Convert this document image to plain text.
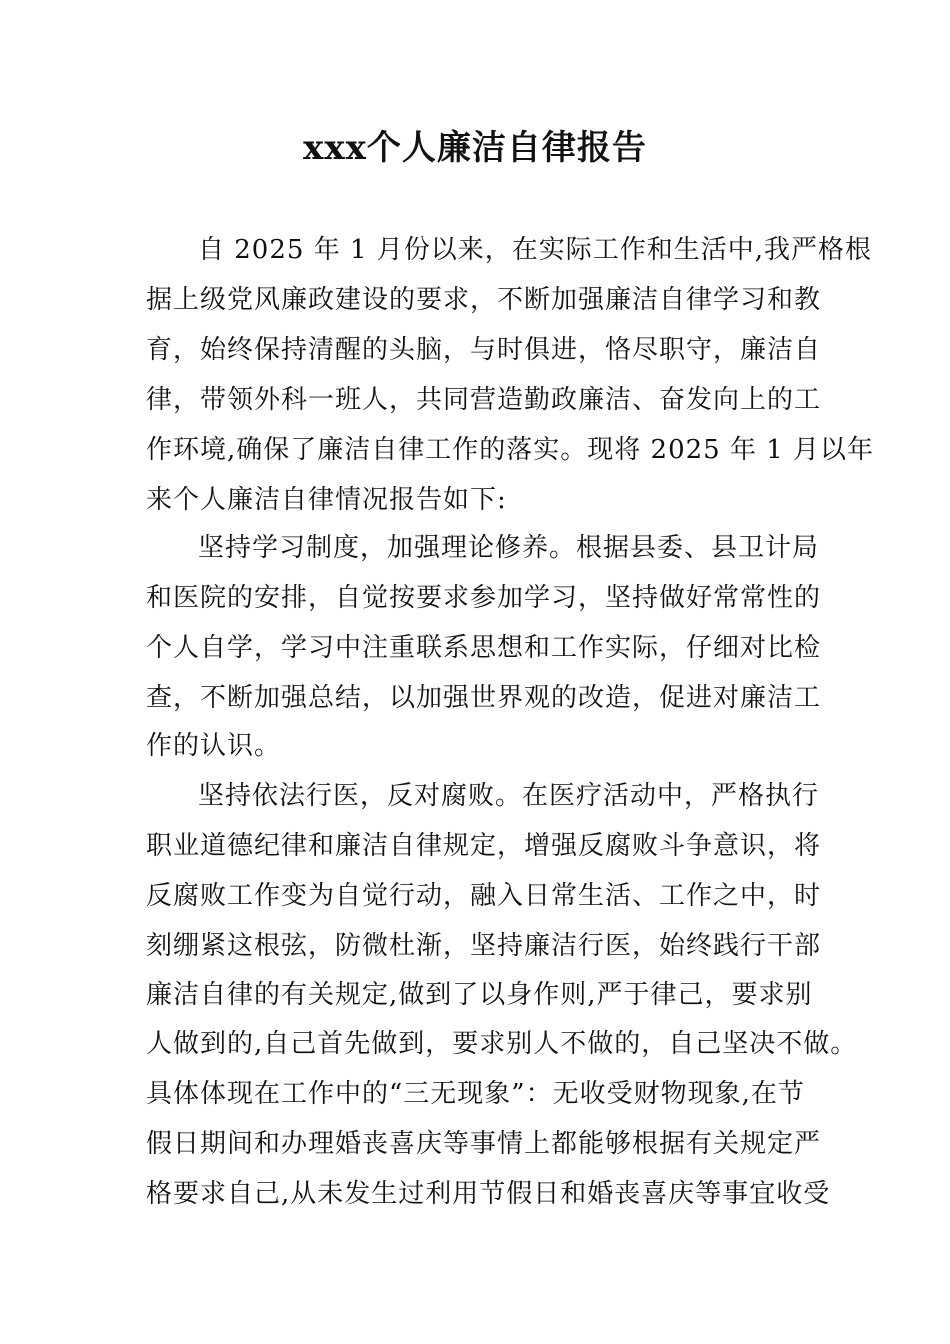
xxx个人廉洁自律报告
自 2025 年 1 月份以来，在实际工作和生活中,我严格根
据上级党风廉政建设的要求，不断加强廉洁自律学习和教
育，始终保持清醒的头脑，与时俱进，恪尽职守，廉洁自
律，带领外科一班人，共同营造勤政廉洁、奋发向上的工
作环境,确保了廉洁自律工作的落实。现将 2025 年 1 月以年
来个人廉洁自律情况报告如下:
坚持学习制度，加强理论修养。根据县委、县卫计局
和医院的安排，自觉按要求参加学习，坚持做好常常性的
个人自学，学习中注重联系思想和工作实际，仔细对比检
查，不断加强总结，以加强世界观的改造，促进对廉洁工
作的认识。
坚持依法行医，反对腐败。在医疗活动中，严格执行
职业道德纪律和廉洁自律规定，增强反腐败斗争意识，将
反腐败工作变为自觉行动，融入日常生活、工作之中，时
刻绷紧这根弦，防微杜渐，坚持廉洁行医，始终践行干部
廉洁自律的有关规定,做到了以身作则,严于律己，要求别
人做到的,自己首先做到，要求别人不做的，自己坚决不做。
具体体现在工作中的“三无现象”：无收受财物现象,在节
假日期间和办理婚丧喜庆等事情上都能够根据有关规定严
格要求自己,从未发生过利用节假日和婚丧喜庆等事宜收受
